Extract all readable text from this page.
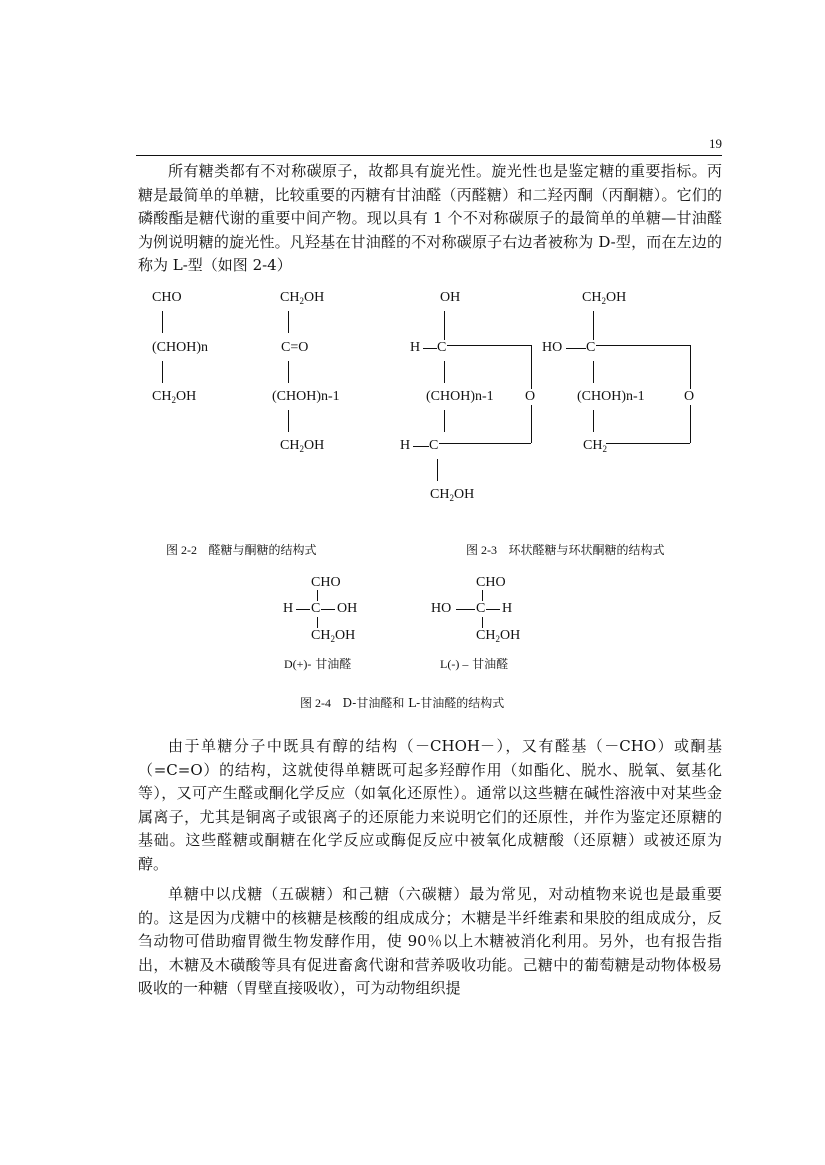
19

所有糖类都有不对称碳原子，故都具有旋光性。旋光性也是鉴定糖的重要指标。丙糖是最简单的单糖，比较重要的丙糖有甘油醛（丙醛糖）和二羟丙酮（丙酮糖）。它们的磷酸酯是糖代谢的重要中间产物。现以具有 1 个不对称碳原子的最简单的单糖—甘油醛为例说明糖的旋光性。凡羟基在甘油醛的不对称碳原子右边者被称为 D-型，而在左边的称为 L-型（如图 2-4）

CHO
(CHOH)n
$CH_2OH$
$CH_2OH$
C=O
(CHOH)n-1
$CH_2OH$
图 2-2 醛糖与酮糖的结构式
OH
H C
O
(CHOH)n-1
H C
$CH_2OH$
$CH_2OH$
HO C
O
(CHOH)n-1
$CH_2$
图 2-3 环状醛糖与环状酮糖的结构式
CHO
H C OH
$CH_2OH$
D(+)- 甘油醛
CHO
HO C H
$CH_2OH$
L(-) – 甘油醛
图 2-4 D-甘油醛和 L-甘油醛的结构式

由于单糖分子中既具有醇的结构（－CHOH－），又有醛基（－CHO）或酮基（=C=O）的结构，这就使得单糖既可起多羟醇作用（如酯化、脱水、脱氧、氨基化等），又可产生醛或酮化学反应（如氧化还原性）。通常以这些糖在碱性溶液中对某些金属离子，尤其是铜离子或银离子的还原能力来说明它们的还原性，并作为鉴定还原糖的基础。这些醛糖或酮糖在化学反应或酶促反应中被氧化成糖酸（还原糖）或被还原为醇。

单糖中以戊糖（五碳糖）和己糖（六碳糖）最为常见，对动植物来说也是最重要的。这是因为戊糖中的核糖是核酸的组成成分；木糖是半纤维素和果胶的组成成分，反刍动物可借助瘤胃微生物发酵作用，使 90％以上木糖被消化利用。另外，也有报告指出，木糖及木磺酸等具有促进畜禽代谢和营养吸收功能。己糖中的葡萄糖是动物体极易吸收的一种糖（胃壁直接吸收），可为动物组织提
